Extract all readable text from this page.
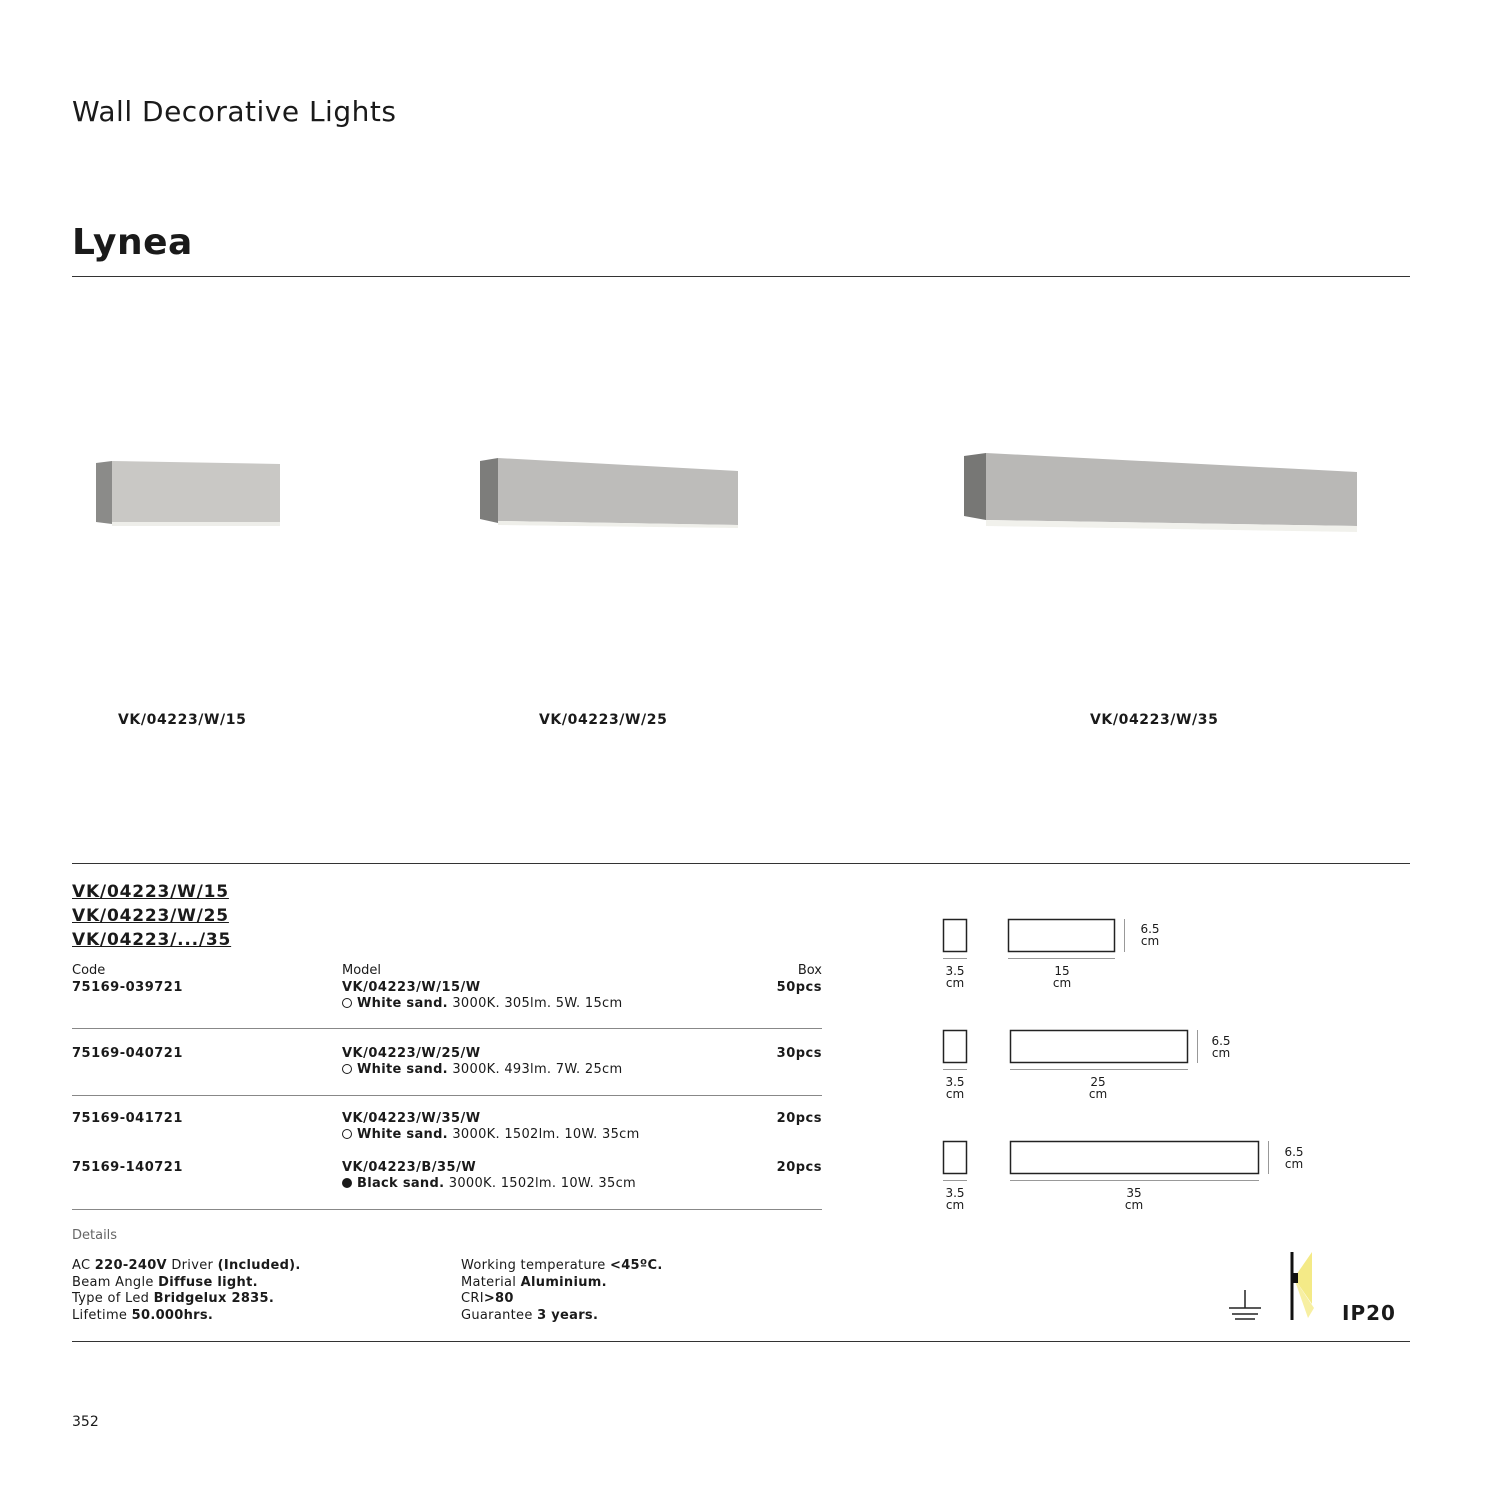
Wall Decorative Lights
Lynea
VK/04223/W/15	VK/04223/W/25	VK/04223/W/35
VK/04223/W/15
VK/04223/W/25
VK/04223/.../35
Code	Model	Box
75169-039721	VK/04223/W/15/W	50pcs
White sand. 3000K. 305lm. 5W. 15cm
75169-040721	VK/04223/W/25/W	30pcs
White sand. 3000K. 493lm. 7W. 25cm
75169-041721	VK/04223/W/35/W	20pcs
White sand. 3000K. 1502lm. 10W. 35cm
75169-140721	VK/04223/B/35/W	20pcs
Black sand. 3000K. 1502lm. 10W. 35cm
3.5
cm
15
cm
6.5
cm
3.5
cm
25
cm
6.5
cm
3.5
cm
35
cm
6.5
cm
Details
AC 220-240V Driver (Included).
Beam Angle Diffuse light.
Type of Led Bridgelux 2835.
Lifetime 50.000hrs.
Working temperature <45ºC.
Material Aluminium.
CRI>80
Guarantee 3 years.	IP20
352
